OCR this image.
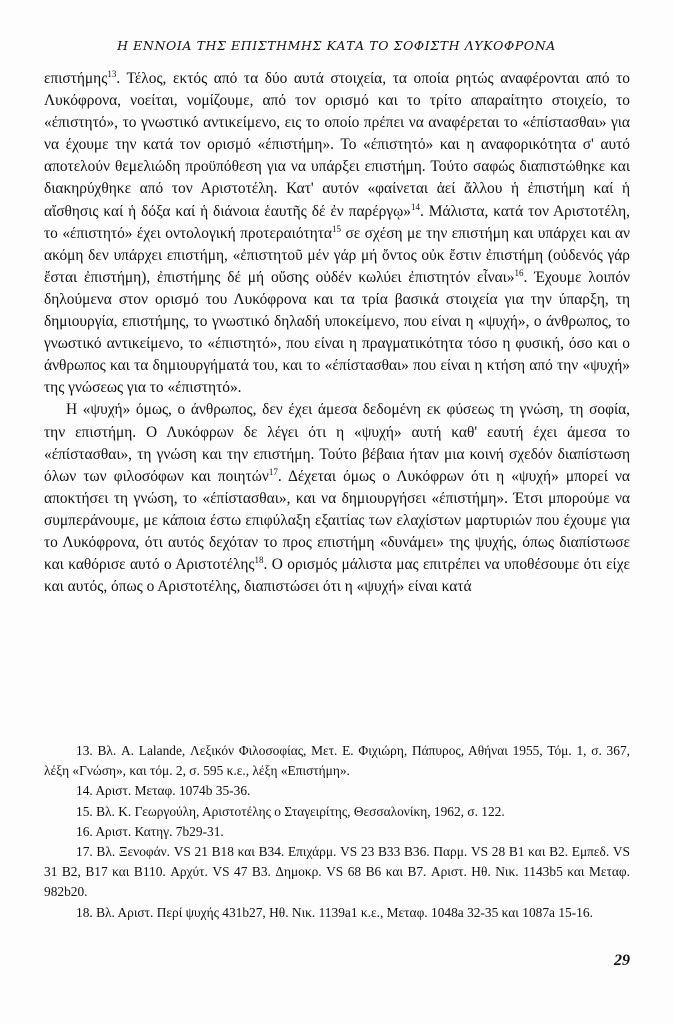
Η ΕΝΝΟΙΑ ΤΗΣ ΕΠΙΣΤΗΜΗΣ ΚΑΤΑ ΤΟ ΣΟΦΙΣΤΗ ΛΥΚΟΦΡΟΝΑ

επιστήμης$^{13}$. Τέλος, εκτός από τα δύο αυτά στοιχεία, τα οποία ρητώς αναφέρονται από το Λυκόφρονα, νοείται, νομίζουμε, από τον ορισμό και το τρίτο απαραίτητο στοιχείο, το «έπιστητό», το γνωστικό αντικείμενο, εις το οποίο πρέπει να αναφέρεται το «έπίστασθαι» για να έχουμε την κατά τον ορισμό «έπιστήμη». Το «έπιστητό» και η αναφορικότητα σ' αυτό αποτελούν θεμελιώδη προϋπόθεση για να υπάρξει επιστήμη. Τούτο σαφώς διαπιστώθηκε και διακηρύχθηκε από τον Αριστοτέλη. Κατ' αυτόν «φαίνεται ἀεί ἄλλου ἡ ἐπιστήμη καί ἡ αἴσθησις καί ἡ δόξα καί ἡ διάνοια ἑαυτῆς δέ ἐν παρέργῳ»$^{14}$. Μάλιστα, κατά τον Αριστοτέλη, το «έπιστητό» έχει οντολογική προτεραιότητα$^{15}$ σε σχέση με την επιστήμη και υπάρχει και αν ακόμη δεν υπάρχει επιστήμη, «ἐπιστητοῦ μέν γάρ μή ὄντος οὐκ ἔστιν ἐπιστήμη (οὐδενός γάρ ἔσται ἐπιστήμη), ἐπιστήμης δέ μή οὔσης οὐδέν κωλύει ἐπιστητόν εἶναι»$^{16}$. Έχουμε λοιπόν δηλούμενα στον ορισμό του Λυκόφρονα και τα τρία βασικά στοιχεία για την ύπαρξη, τη δημιουργία, επιστήμης, το γνωστικό δηλαδή υποκείμενο, που είναι η «ψυχή», ο άνθρωπος, το γνωστικό αντικείμενο, το «έπιστητό», που είναι η πραγματικότητα τόσο η φυσική, όσο και ο άνθρωπος και τα δημιουργήματά του, και το «έπίστασθαι» που είναι η κτήση από την «ψυχή» της γνώσεως για το «έπιστητό».

Η «ψυχή» όμως, ο άνθρωπος, δεν έχει άμεσα δεδομένη εκ φύσεως τη γνώση, τη σοφία, την επιστήμη. Ο Λυκόφρων δε λέγει ότι η «ψυχή» αυτή καθ' εαυτή έχει άμεσα το «έπίστασθαι», τη γνώση και την επιστήμη. Τούτο βέβαια ήταν μια κοινή σχεδόν διαπίστωση όλων των φιλοσόφων και ποιητών$^{17}$. Δέχεται όμως ο Λυκόφρων ότι η «ψυχή» μπορεί να αποκτήσει τη γνώση, το «έπίστασθαι», και να δημιουργήσει «έπιστήμη». Έτσι μπορούμε να συμπεράνουμε, με κάποια έστω επιφύλαξη εξαιτίας των ελαχίστων μαρτυριών που έχουμε για το Λυκόφρονα, ότι αυτός δεχόταν το προς επιστήμη «δυνάμει» της ψυχής, όπως διαπίστωσε και καθόρισε αυτό ο Αριστοτέλης$^{18}$. Ο ορισμός μάλιστα μας επιτρέπει να υποθέσουμε ότι είχε και αυτός, όπως ο Αριστοτέλης, διαπιστώσει ότι η «ψυχή» είναι κατά

13. Βλ. A. Lalande, Λεξικόν Φιλοσοφίας, Μετ. Ε. Φιχιώρη, Πάπυρος, Αθήναι 1955, Τόμ. 1, σ. 367, λέξη «Γνώση», και τόμ. 2, σ. 595 κ.ε., λέξη «Επιστήμη».

14. Αριστ. Μεταφ. 1074b 35-36.

15. Βλ. Κ. Γεωργούλη, Αριστοτέλης ο Σταγειρίτης, Θεσσαλονίκη, 1962, σ. 122.

16. Αριστ. Κατηγ. 7b29-31.

17. Βλ. Ξενοφάν. VS 21 B18 και B34. Επιχάρμ. VS 23 B33 B36. Παρμ. VS 28 B1 και B2. Εμπεδ. VS 31 B2, B17 και B110. Αρχύτ. VS 47 B3. Δημοκρ. VS 68 B6 και B7. Αριστ. Ηθ. Νικ. 1143b5 και Μεταφ. 982b20.

18. Βλ. Αριστ. Περί ψυχής 431b27, Ηθ. Νικ. 1139a1 κ.ε., Μεταφ. 1048a 32-35 και 1087a 15-16.

29
